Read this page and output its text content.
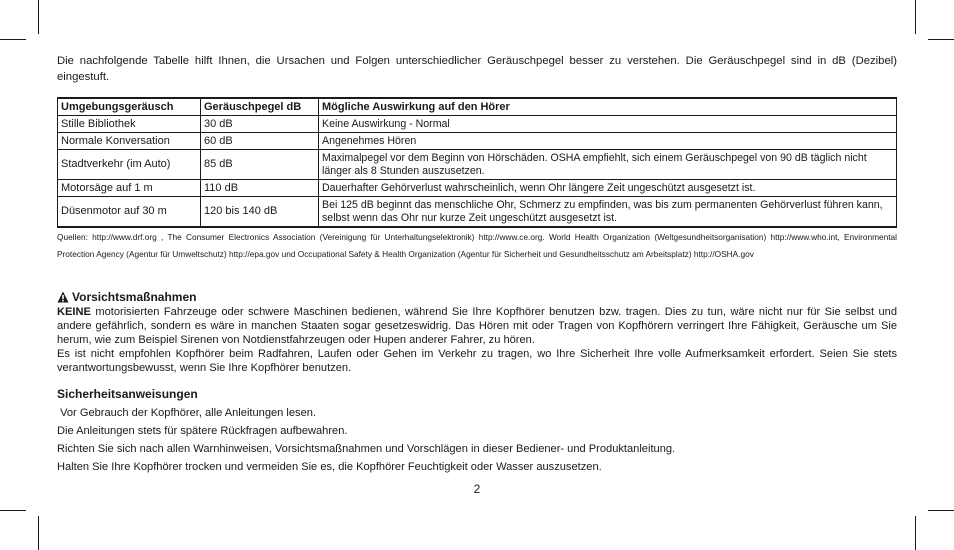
Die nachfolgende Tabelle hilft Ihnen, die Ursachen und Folgen unterschiedlicher Geräuschpegel besser zu verstehen. Die Geräuschpegel sind in dB (Dezibel) eingestuft.

Umgebungsgeräusch	Geräuschpegel dB	Mögliche Auswirkung auf den Hörer
Stille Bibliothek	30 dB	Keine Auswirkung - Normal
Normale Konversation	60 dB	Angenehmes Hören
Stadtverkehr (im Auto)	85 dB	Maximalpegel vor dem Beginn von Hörschäden. OSHA empfiehlt, sich einem Geräuschpegel von 90 dB täglich nicht länger als 8 Stunden auszusetzen.
Motorsäge auf 1 m	110 dB	Dauerhafter Gehörverlust wahrscheinlich, wenn Ohr längere Zeit ungeschützt ausgesetzt ist.
Düsenmotor auf 30 m	120 bis 140 dB	Bei 125 dB beginnt das menschliche Ohr, Schmerz zu empfinden, was bis zum permanenten Gehörverlust führen kann, selbst wenn das Ohr nur kurze Zeit ungeschützt ausgesetzt ist.

Quellen: http://www.drf.org , The Consumer Electronics Association (Vereinigung für Unterhaltungselektronik) http://www.ce.org. World Health Organization (Weltgesundheitsorganisation) http://www.who.int, Environmental Protection Agency (Agentur für Umweltschutz) http://epa.gov und Occupational Safety & Health Organization (Agentur für Sicherheit und Gesundheitsschutz am Arbeitsplatz) http://OSHA.gov

Vorsichtsmaßnahmen

KEINE motorisierten Fahrzeuge oder schwere Maschinen bedienen, während Sie Ihre Kopfhörer benutzen bzw. tragen. Dies zu tun, wäre nicht nur für Sie selbst und andere gefährlich, sondern es wäre in manchen Staaten sogar gesetzeswidrig. Das Hören mit oder Tragen von Kopfhörern verringert Ihre Fähigkeit, Geräusche um Sie herum, wie zum Beispiel Sirenen von Notdienstfahrzeugen oder Hupen anderer Fahrer, zu hören.

Es ist nicht empfohlen Kopfhörer beim Radfahren, Laufen oder Gehen im Verkehr zu tragen, wo Ihre Sicherheit Ihre volle Aufmerksamkeit erfordert. Seien Sie stets verantwortungsbewusst, wenn Sie Ihre Kopfhörer benutzen.

Sicherheitsanweisungen
Vor Gebrauch der Kopfhörer, alle Anleitungen lesen.
Die Anleitungen stets für spätere Rückfragen aufbewahren.
Richten Sie sich nach allen Warnhinweisen, Vorsichtsmaßnahmen und Vorschlägen in dieser Bediener- und Produktanleitung.
Halten Sie Ihre Kopfhörer trocken und vermeiden Sie es, die Kopfhörer Feuchtigkeit oder Wasser auszusetzen.
2
